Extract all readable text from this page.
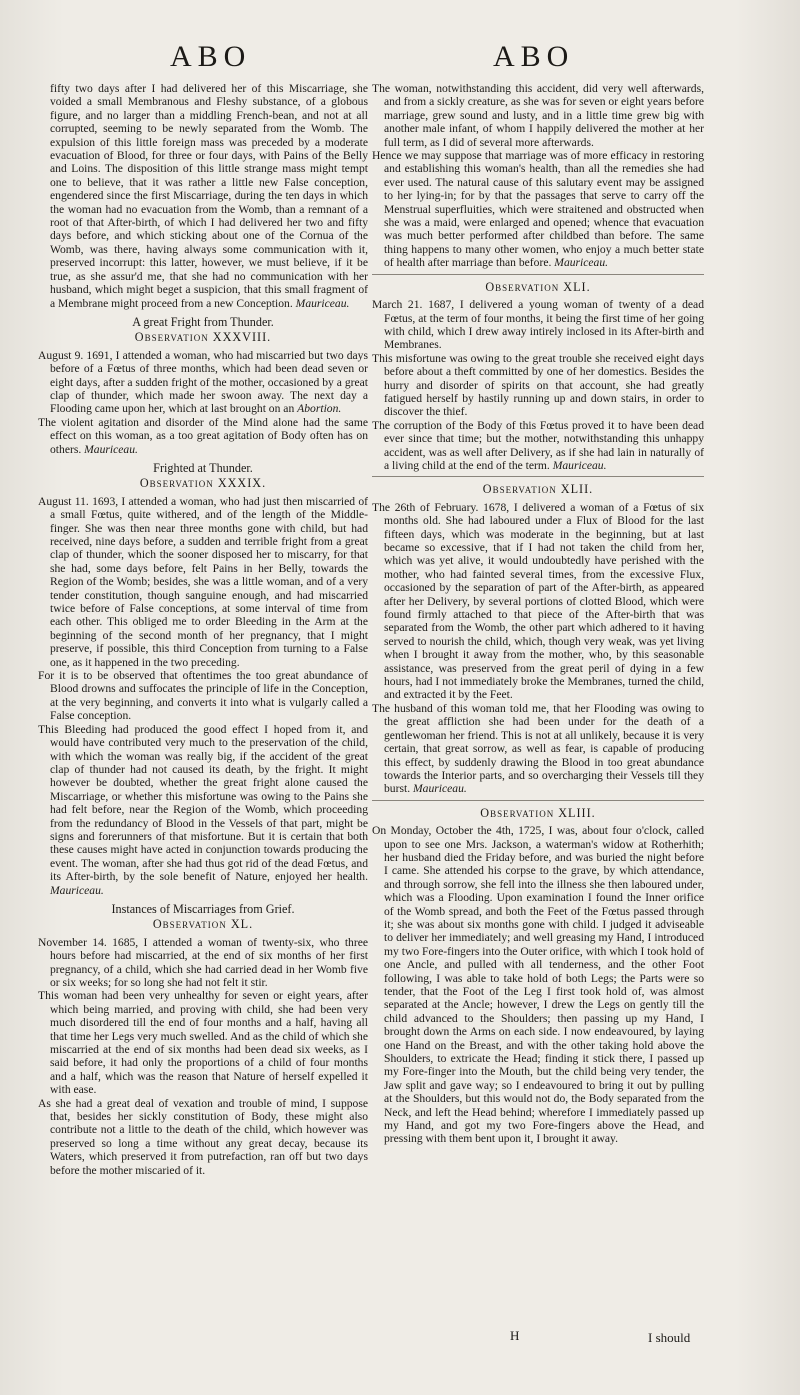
ABO	ABO

fifty two days after I had delivered her of this Miscarriage, she voided a small Membranous and Fleshy substance, of a globous figure, and no larger than a middling French-bean, and not at all corrupted, seeming to be newly separated from the Womb. The expulsion of this little foreign mass was preceded by a moderate evacuation of Blood, for three or four days, with Pains of the Belly and Loins. The disposition of this little strange mass might tempt one to believe, that it was rather a little new False conception, engendered since the first Miscarriage, during the ten days in which the woman had no evacuation from the Womb, than a remnant of a root of that After-birth, of which I had delivered her two and fifty days before, and which sticking about one of the Cornua of the Womb, was there, having always some communication with it, preserved incorrupt: this latter, however, we must believe, if it be true, as she assur'd me, that she had no communication with her husband, which might beget a suspicion, that this small fragment of a Membrane might proceed from a new Conception. Mauriceau.

A great Fright from Thunder.
Observation XXXVIII.

August 9. 1691, I attended a woman, who had miscarried but two days before of a Fœtus of three months, which had been dead seven or eight days, after a sudden fright of the mother, occasioned by a great clap of thunder, which made her swoon away. The next day a Flooding came upon her, which at last brought on an Abortion.

The violent agitation and disorder of the Mind alone had the same effect on this woman, as a too great agitation of Body often has on others. Mauriceau.

Frighted at Thunder.
Observation XXXIX.

August 11. 1693, I attended a woman, who had just then miscarried of a small Fœtus, quite withered, and of the length of the Middle-finger. She was then near three months gone with child, but had received, nine days before, a sudden and terrible fright from a great clap of thunder, which the sooner disposed her to miscarry, for that she had, some days before, felt Pains in her Belly, towards the Region of the Womb; besides, she was a little woman, and of a very tender constitution, though sanguine enough, and had miscarried twice before of False conceptions, at some interval of time from each other. This obliged me to order Bleeding in the Arm at the beginning of the second month of her pregnancy, that I might preserve, if possible, this third Conception from turning to a False one, as it happened in the two preceding.

For it is to be observed that oftentimes the too great abundance of Blood drowns and suffocates the principle of life in the Conception, at the very beginning, and converts it into what is vulgarly called a False conception.

This Bleeding had produced the good effect I hoped from it, and would have contributed very much to the preservation of the child, with which the woman was really big, if the accident of the great clap of thunder had not caused its death, by the fright. It might however be doubted, whether the great fright alone caused the Miscarriage, or whether this misfortune was owing to the Pains she had felt before, near the Region of the Womb, which proceeding from the redundancy of Blood in the Vessels of that part, might be signs and forerunners of that misfortune. But it is certain that both these causes might have acted in conjunction towards producing the event. The woman, after she had thus got rid of the dead Fœtus, and its After-birth, by the sole benefit of Nature, enjoyed her health. Mauriceau.

Instances of Miscarriages from Grief.
Observation XL.

November 14. 1685, I attended a woman of twenty-six, who three hours before had miscarried, at the end of six months of her first pregnancy, of a child, which she had carried dead in her Womb five or six weeks; for so long she had not felt it stir.

This woman had been very unhealthy for seven or eight years, after which being married, and proving with child, she had been very much disordered till the end of four months and a half, having all that time her Legs very much swelled. And as the child of which she miscarried at the end of six months had been dead six weeks, as I said before, it had only the proportions of a child of four months and a half, which was the reason that Nature of herself expelled it with ease.

As she had a great deal of vexation and trouble of mind, I suppose that, besides her sickly constitution of Body, these might also contribute not a little to the death of the child, which however was preserved so long a time without any great decay, because its Waters, which preserved it from putrefaction, ran off but two days before the mother miscaried of it.

The woman, notwithstanding this accident, did very well afterwards, and from a sickly creature, as she was for seven or eight years before marriage, grew sound and lusty, and in a little time grew big with another male infant, of whom I happily delivered the mother at her full term, as I did of several more afterwards.

Hence we may suppose that marriage was of more efficacy in restoring and establishing this woman's health, than all the remedies she had ever used. The natural cause of this salutary event may be assigned to her lying-in; for by that the passages that serve to carry off the Menstrual superfluities, which were straitened and obstructed when she was a maid, were enlarged and opened; whence that evacuation was much better performed after childbed than before. The same thing happens to many other women, who enjoy a much better state of health after marriage than before. Mauriceau.

Observation XLI.

March 21. 1687, I delivered a young woman of twenty of a dead Fœtus, at the term of four months, it being the first time of her going with child, which I drew away intirely inclosed in its After-birth and Membranes.

This misfortune was owing to the great trouble she received eight days before about a theft committed by one of her domestics. Besides the hurry and disorder of spirits on that account, she had greatly fatigued herself by hastily running up and down stairs, in order to discover the thief.

The corruption of the Body of this Fœtus proved it to have been dead ever since that time; but the mother, notwithstanding this unhappy accident, was as well after Delivery, as if she had lain in naturally of a living child at the end of the term. Mauriceau.

Observation XLII.

The 26th of February. 1678, I delivered a woman of a Fœtus of six months old. She had laboured under a Flux of Blood for the last fifteen days, which was moderate in the beginning, but at last became so excessive, that if I had not taken the child from her, which was yet alive, it would undoubtedly have perished with the mother, who had fainted several times, from the excessive Flux, occasioned by the separation of part of the After-birth, as appeared after her Delivery, by several portions of clotted Blood, which were found firmly attached to that piece of the After-birth that was separated from the Womb, the other part which adhered to it having served to nourish the child, which, though very weak, was yet living when I brought it away from the mother, who, by this seasonable assistance, was preserved from the great peril of dying in a few hours, had I not immediately broke the Membranes, turned the child, and extracted it by the Feet.

The husband of this woman told me, that her Flooding was owing to the great affliction she had been under for the death of a gentlewoman her friend. This is not at all unlikely, because it is very certain, that great sorrow, as well as fear, is capable of producing this effect, by suddenly drawing the Blood in too great abundance towards the Interior parts, and so overcharging their Vessels till they burst. Mauriceau.

Observation XLIII.

On Monday, October the 4th, 1725, I was, about four o'clock, called upon to see one Mrs. Jackson, a waterman's widow at Rotherhith; her husband died the Friday before, and was buried the night before I came. She attended his corpse to the grave, by which attendance, and through sorrow, she fell into the illness she then laboured under, which was a Flooding. Upon examination I found the Inner orifice of the Womb spread, and both the Feet of the Fœtus passed through it; she was about six months gone with child. I judged it adviseable to deliver her immediately; and well greasing my Hand, I introduced my two Fore-fingers into the Outer orifice, with which I took hold of one Ancle, and pulled with all tenderness, and the other Foot following, I was able to take hold of both Legs; the Parts were so tender, that the Foot of the Leg I first took hold of, was almost separated at the Ancle; however, I drew the Legs on gently till the child advanced to the Shoulders; then passing up my Hand, I brought down the Arms on each side. I now endeavoured, by laying one Hand on the Breast, and with the other taking hold above the Shoulders, to extricate the Head; finding it stick there, I passed up my Fore-finger into the Mouth, but the child being very tender, the Jaw split and gave way; so I endeavoured to bring it out by pulling at the Shoulders, but this would not do, the Body separated from the Neck, and left the Head behind; wherefore I immediately passed up my Hand, and got my two Fore-fingers above the Head, and pressing with them bent upon it, I brought it away.

H	I should
